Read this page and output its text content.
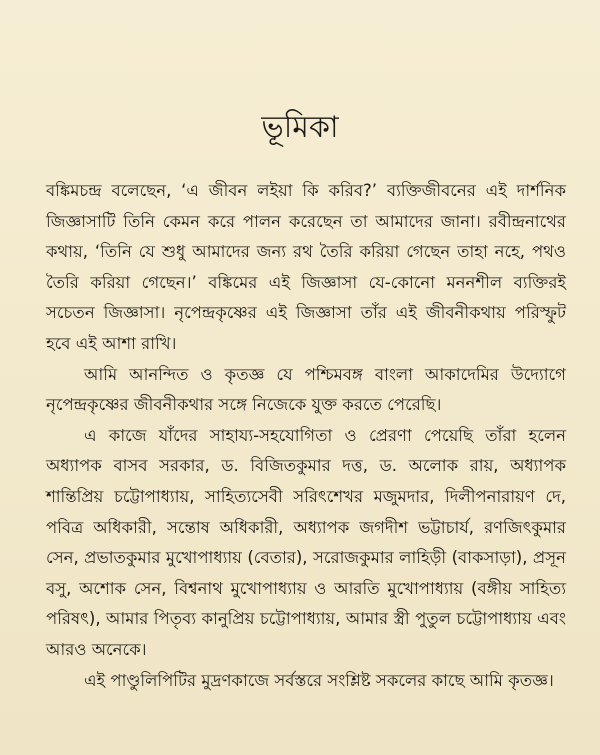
ভূমিকা

বঙ্কিমচন্দ্র বলেছেন, ‘এ জীবন লইয়া কি করিব?’ ব্যক্তিজীবনের এই দার্শনিক জিজ্ঞাসাটি তিনি কেমন করে পালন করেছেন তা আমাদের জানা। রবীন্দ্রনাথের কথায়, ‘তিনি যে শুধু আমাদের জন্য রথ তৈরি করিয়া গেছেন তাহা নহে, পথও তৈরি করিয়া গেছেন।’ বঙ্কিমের এই জিজ্ঞাসা যে-কোনো মননশীল ব্যক্তিরই সচেতন জিজ্ঞাসা। নৃপেন্দ্রকৃষ্ণের এই জিজ্ঞাসা তাঁর এই জীবনীকথায় পরিস্ফুট হবে এই আশা রাখি।

আমি আনন্দিত ও কৃতজ্ঞ যে পশ্চিমবঙ্গ বাংলা আকাদেমির উদ্যোগে নৃপেন্দ্রকৃষ্ণের জীবনীকথার সঙ্গে নিজেকে যুক্ত করতে পেরেছি।

এ কাজে যাঁদের সাহায্য-সহযোগিতা ও প্রেরণা পেয়েছি তাঁরা হলেন অধ্যাপক বাসব সরকার, ড. বিজিতকুমার দত্ত, ড. অলোক রায়, অধ্যাপক শান্তিপ্রিয় চট্টোপাধ্যায়, সাহিত্যসেবী সরিৎশেখর মজুমদার, দিলীপনারায়ণ দে, পবিত্র অধিকারী, সন্তোষ অধিকারী, অধ্যাপক জগদীশ ভট্টাচার্য, রণজিৎকুমার সেন, প্রভাতকুমার মুখোপাধ্যায় (বেতার), সরোজকুমার লাহিড়ী (বাকসাড়া), প্রসূন বসু, অশোক সেন, বিশ্বনাথ মুখোপাধ্যায় ও আরতি মুখোপাধ্যায় (বঙ্গীয় সাহিত্য পরিষৎ), আমার পিতৃব্য কানুপ্রিয় চট্টোপাধ্যায়, আমার স্ত্রী পুতুল চট্টোপাধ্যায় এবং আরও অনেকে।

এই পাণ্ডুলিপিটির মুদ্রণকাজে সর্বস্তরে সংশ্লিষ্ট সকলের কাছে আমি কৃতজ্ঞ।
